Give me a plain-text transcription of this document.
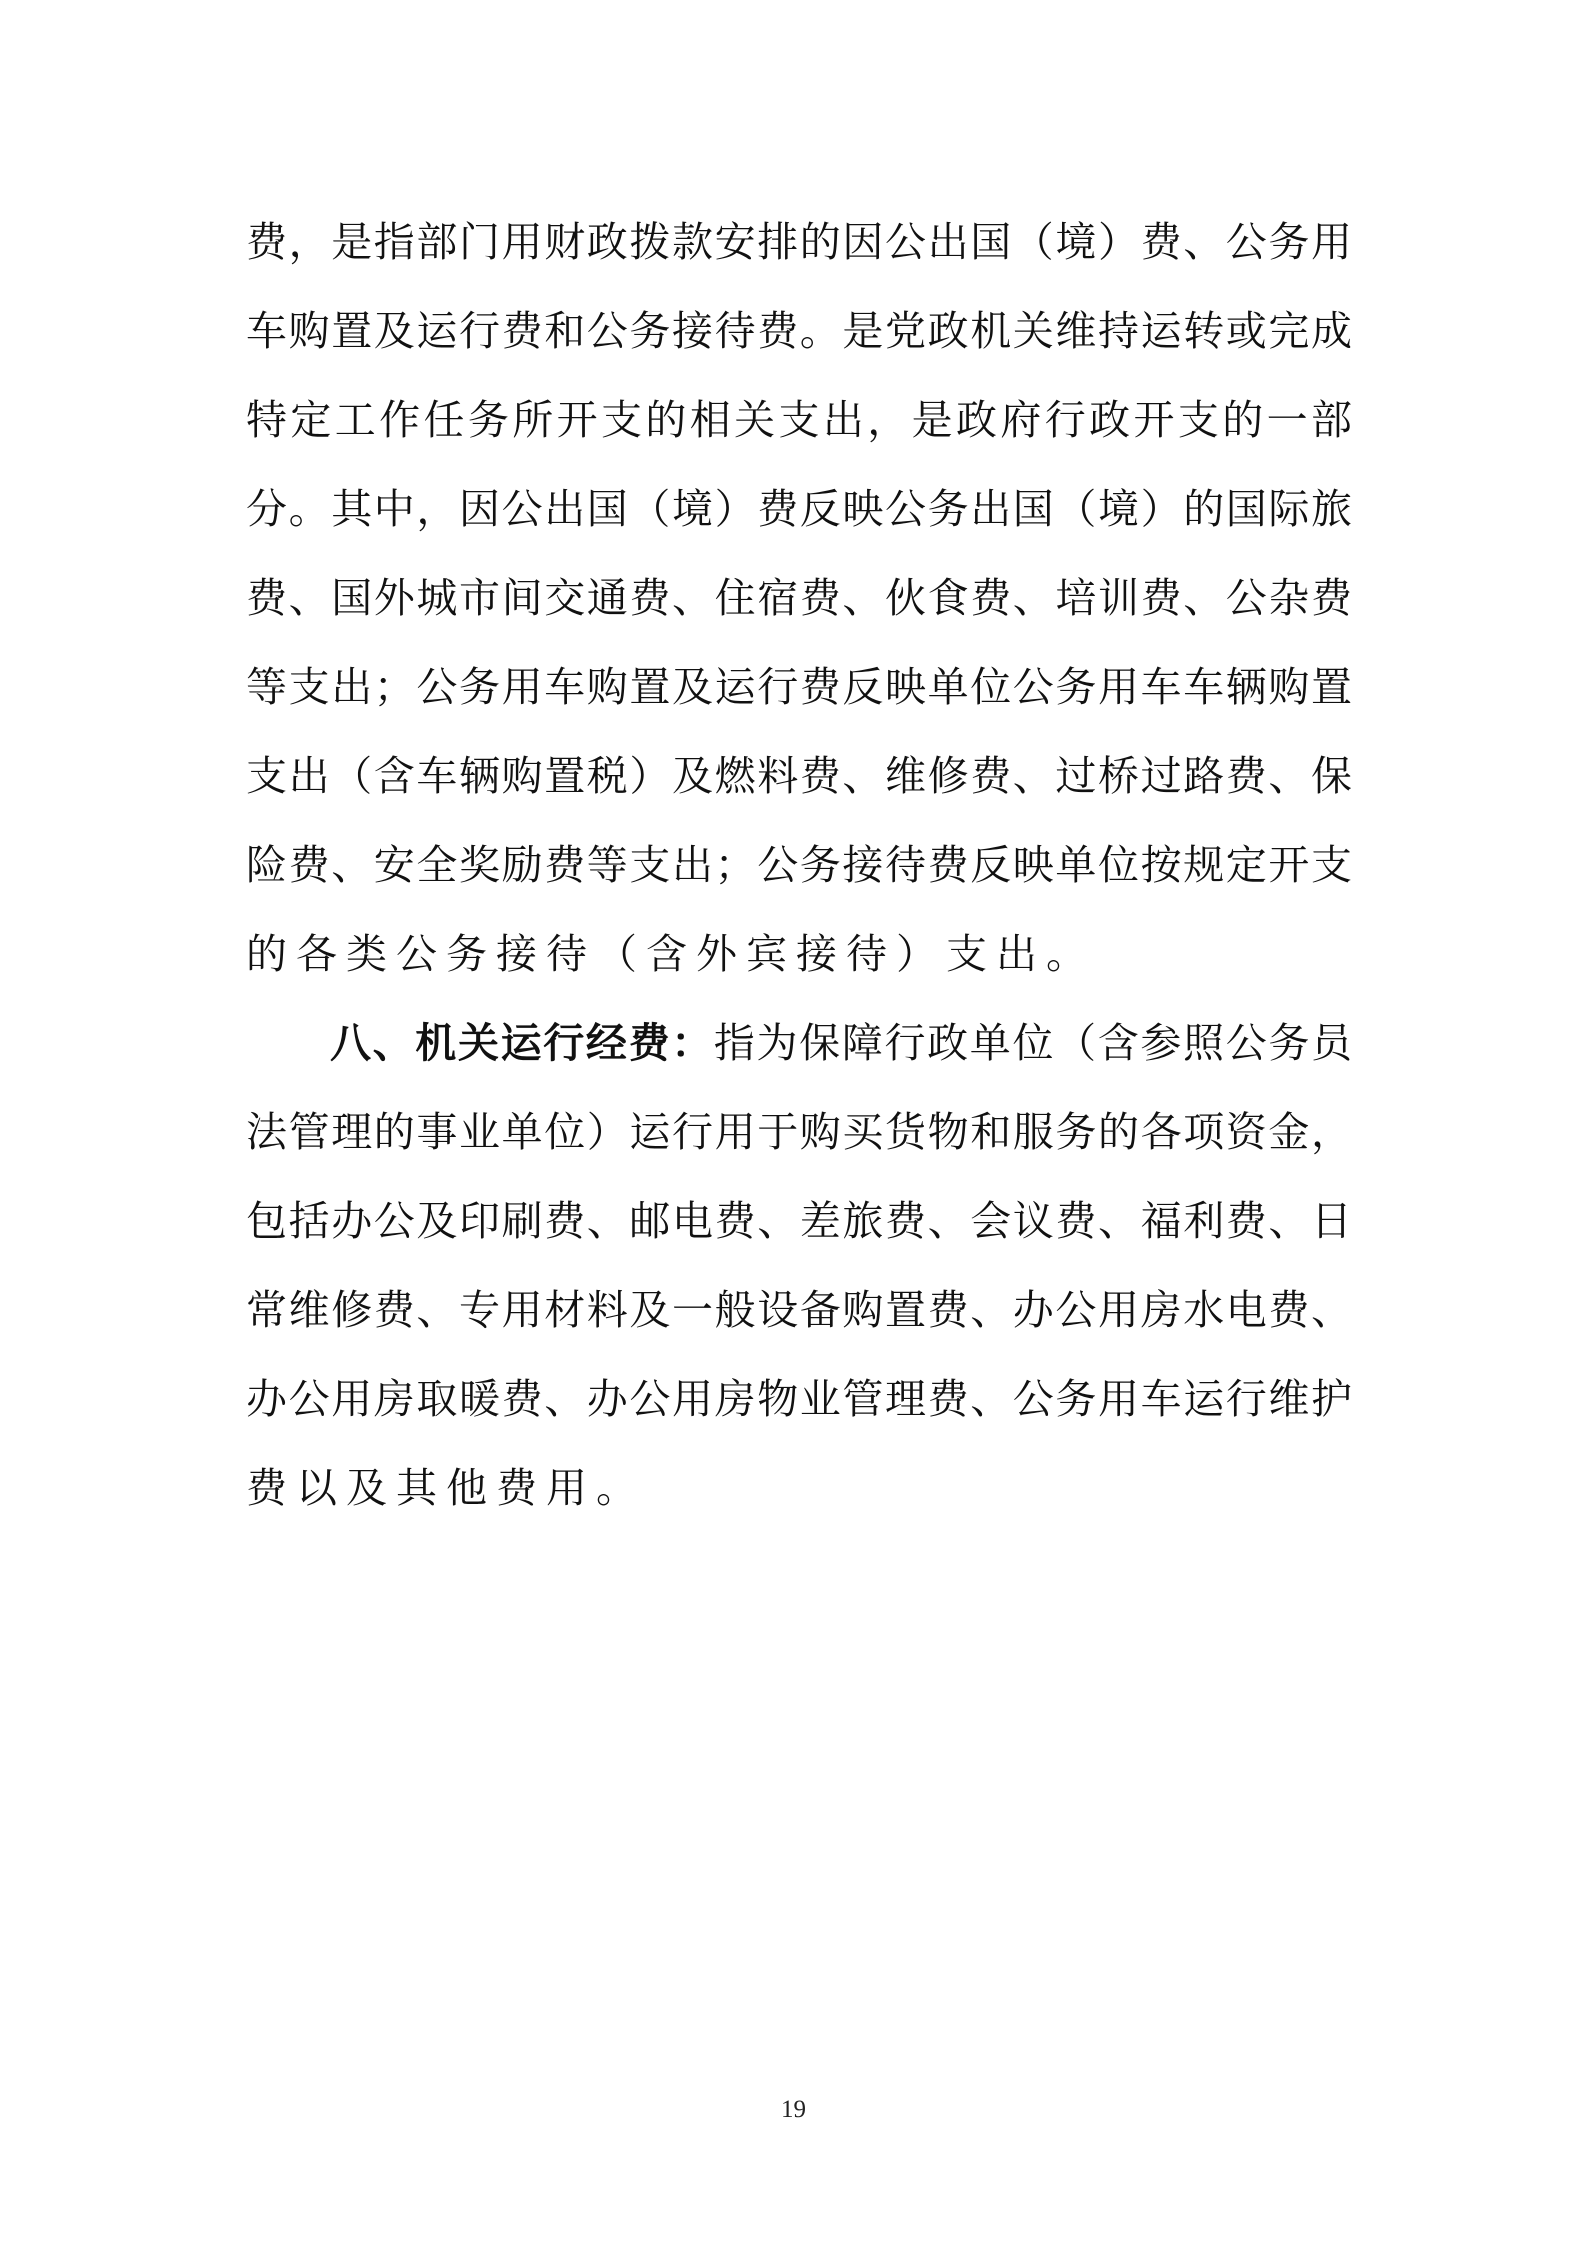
费，是指部门用财政拨款安排的因公出国（境）费、公务用
车购置及运行费和公务接待费。是党政机关维持运转或完成
特定工作任务所开支的相关支出，是政府行政开支的一部
分。其中，因公出国（境）费反映公务出国（境）的国际旅
费、国外城市间交通费、住宿费、伙食费、培训费、公杂费
等支出；公务用车购置及运行费反映单位公务用车车辆购置
支出（含车辆购置税）及燃料费、维修费、过桥过路费、保
险费、安全奖励费等支出；公务接待费反映单位按规定开支
的各类公务接待（含外宾接待）支出。
八、机关运行经费：指为保障行政单位（含参照公务员
法管理的事业单位）运行用于购买货物和服务的各项资金，
包括办公及印刷费、邮电费、差旅费、会议费、福利费、日
常维修费、专用材料及一般设备购置费、办公用房水电费、
办公用房取暖费、办公用房物业管理费、公务用车运行维护
费以及其他费用。
19
